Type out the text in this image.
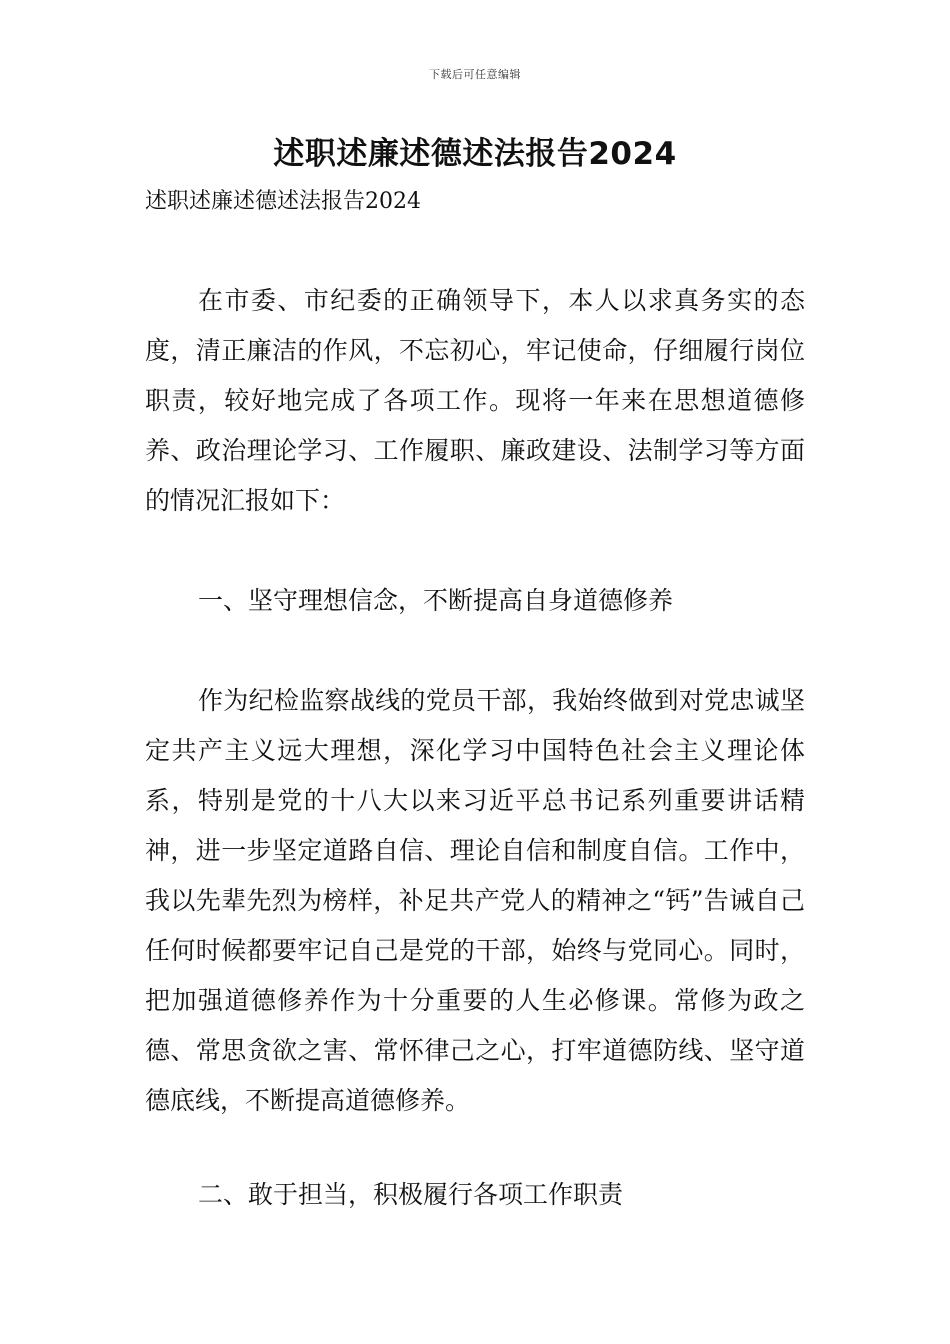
下载后可任意编辑
述职述廉述德述法报告2024
述职述廉述德述法报告2024
在市委、市纪委的正确领导下，本人以求真务实的态度，清正廉洁的作风，不忘初心，牢记使命，仔细履行岗位职责，较好地完成了各项工作。现将一年来在思想道德修养、政治理论学习、工作履职、廉政建设、法制学习等方面的情况汇报如下：
一、坚守理想信念，不断提高自身道德修养
作为纪检监察战线的党员干部，我始终做到对党忠诚坚定共产主义远大理想，深化学习中国特色社会主义理论体系，特别是党的十八大以来习近平总书记系列重要讲话精神，进一步坚定道路自信、理论自信和制度自信。工作中，我以先辈先烈为榜样，补足共产党人的精神之“钙”告诫自己任何时候都要牢记自己是党的干部，始终与党同心。同时，把加强道德修养作为十分重要的人生必修课。常修为政之德、常思贪欲之害、常怀律己之心，打牢道德防线、坚守道德底线，不断提高道德修养。
二、敢于担当，积极履行各项工作职责
